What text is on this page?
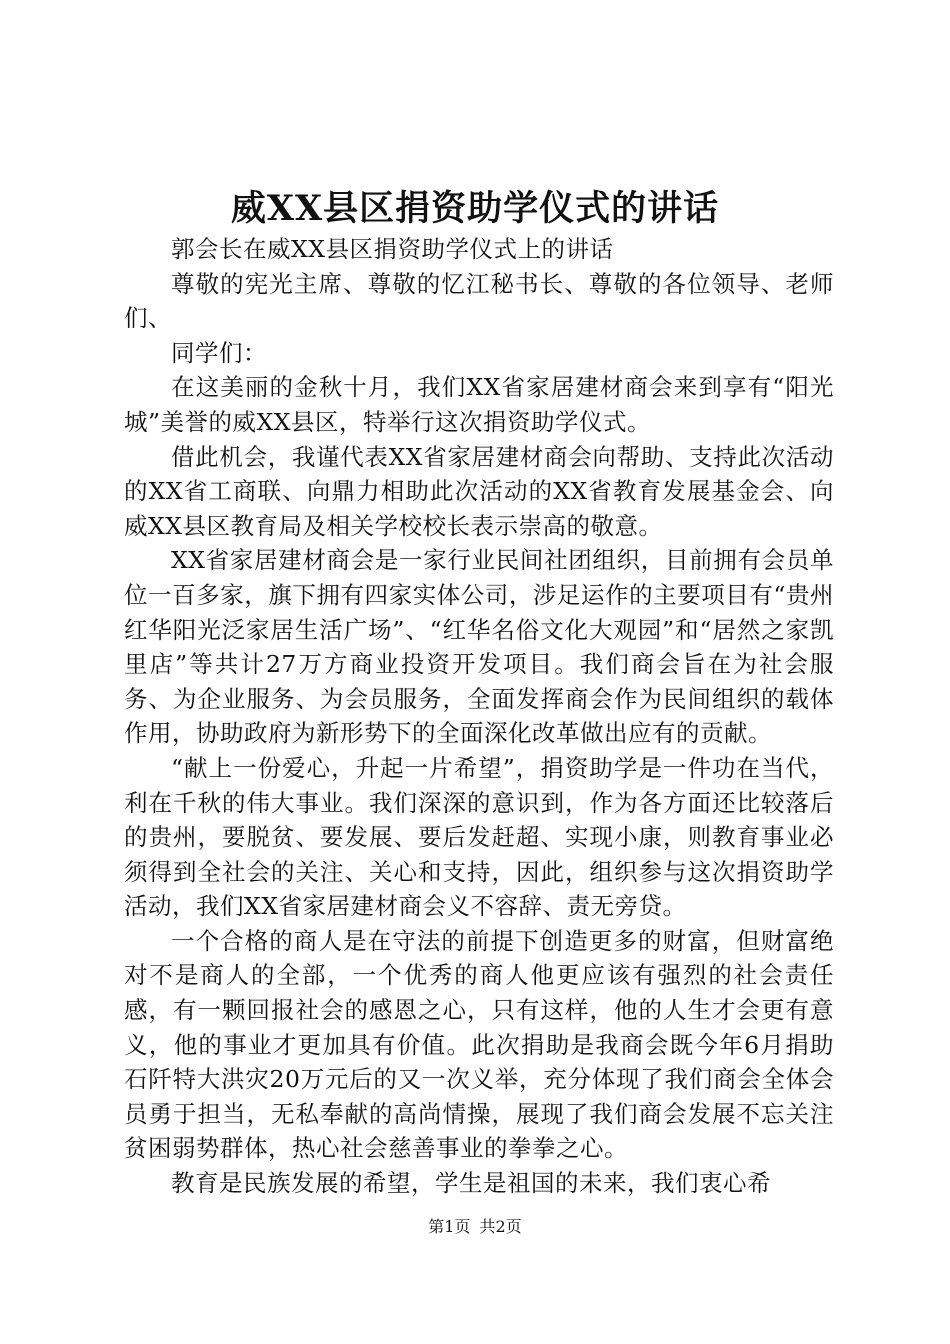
威XX县区捐资助学仪式的讲话

郭会长在威XX县区捐资助学仪式上的讲话

尊敬的宪光主席、尊敬的忆江秘书长、尊敬的各位领导、老师们、

同学们：

在这美丽的金秋十月，我们XX省家居建材商会来到享有“阳光城”美誉的威XX县区，特举行这次捐资助学仪式。

借此机会，我谨代表XX省家居建材商会向帮助、支持此次活动的XX省工商联、向鼎力相助此次活动的XX省教育发展基金会、向威XX县区教育局及相关学校校长表示崇高的敬意。

XX省家居建材商会是一家行业民间社团组织，目前拥有会员单位一百多家，旗下拥有四家实体公司，涉足运作的主要项目有“贵州红华阳光泛家居生活广场”、“红华名俗文化大观园”和“居然之家凯里店”等共计27万方商业投资开发项目。我们商会旨在为社会服务、为企业服务、为会员服务，全面发挥商会作为民间组织的载体作用，协助政府为新形势下的全面深化改革做出应有的贡献。

“献上一份爱心，升起一片希望”，捐资助学是一件功在当代，利在千秋的伟大事业。我们深深的意识到，作为各方面还比较落后的贵州，要脱贫、要发展、要后发赶超、实现小康，则教育事业必须得到全社会的关注、关心和支持，因此，组织参与这次捐资助学活动，我们XX省家居建材商会义不容辞、责无旁贷。

一个合格的商人是在守法的前提下创造更多的财富，但财富绝对不是商人的全部，一个优秀的商人他更应该有强烈的社会责任感，有一颗回报社会的感恩之心，只有这样，他的人生才会更有意义，他的事业才更加具有价值。此次捐助是我商会既今年6月捐助石阡特大洪灾20万元后的又一次义举，充分体现了我们商会全体会员勇于担当，无私奉献的高尚情操，展现了我们商会发展不忘关注贫困弱势群体，热心社会慈善事业的拳拳之心。

教育是民族发展的希望，学生是祖国的未来，我们衷心希

第1页 共2页
